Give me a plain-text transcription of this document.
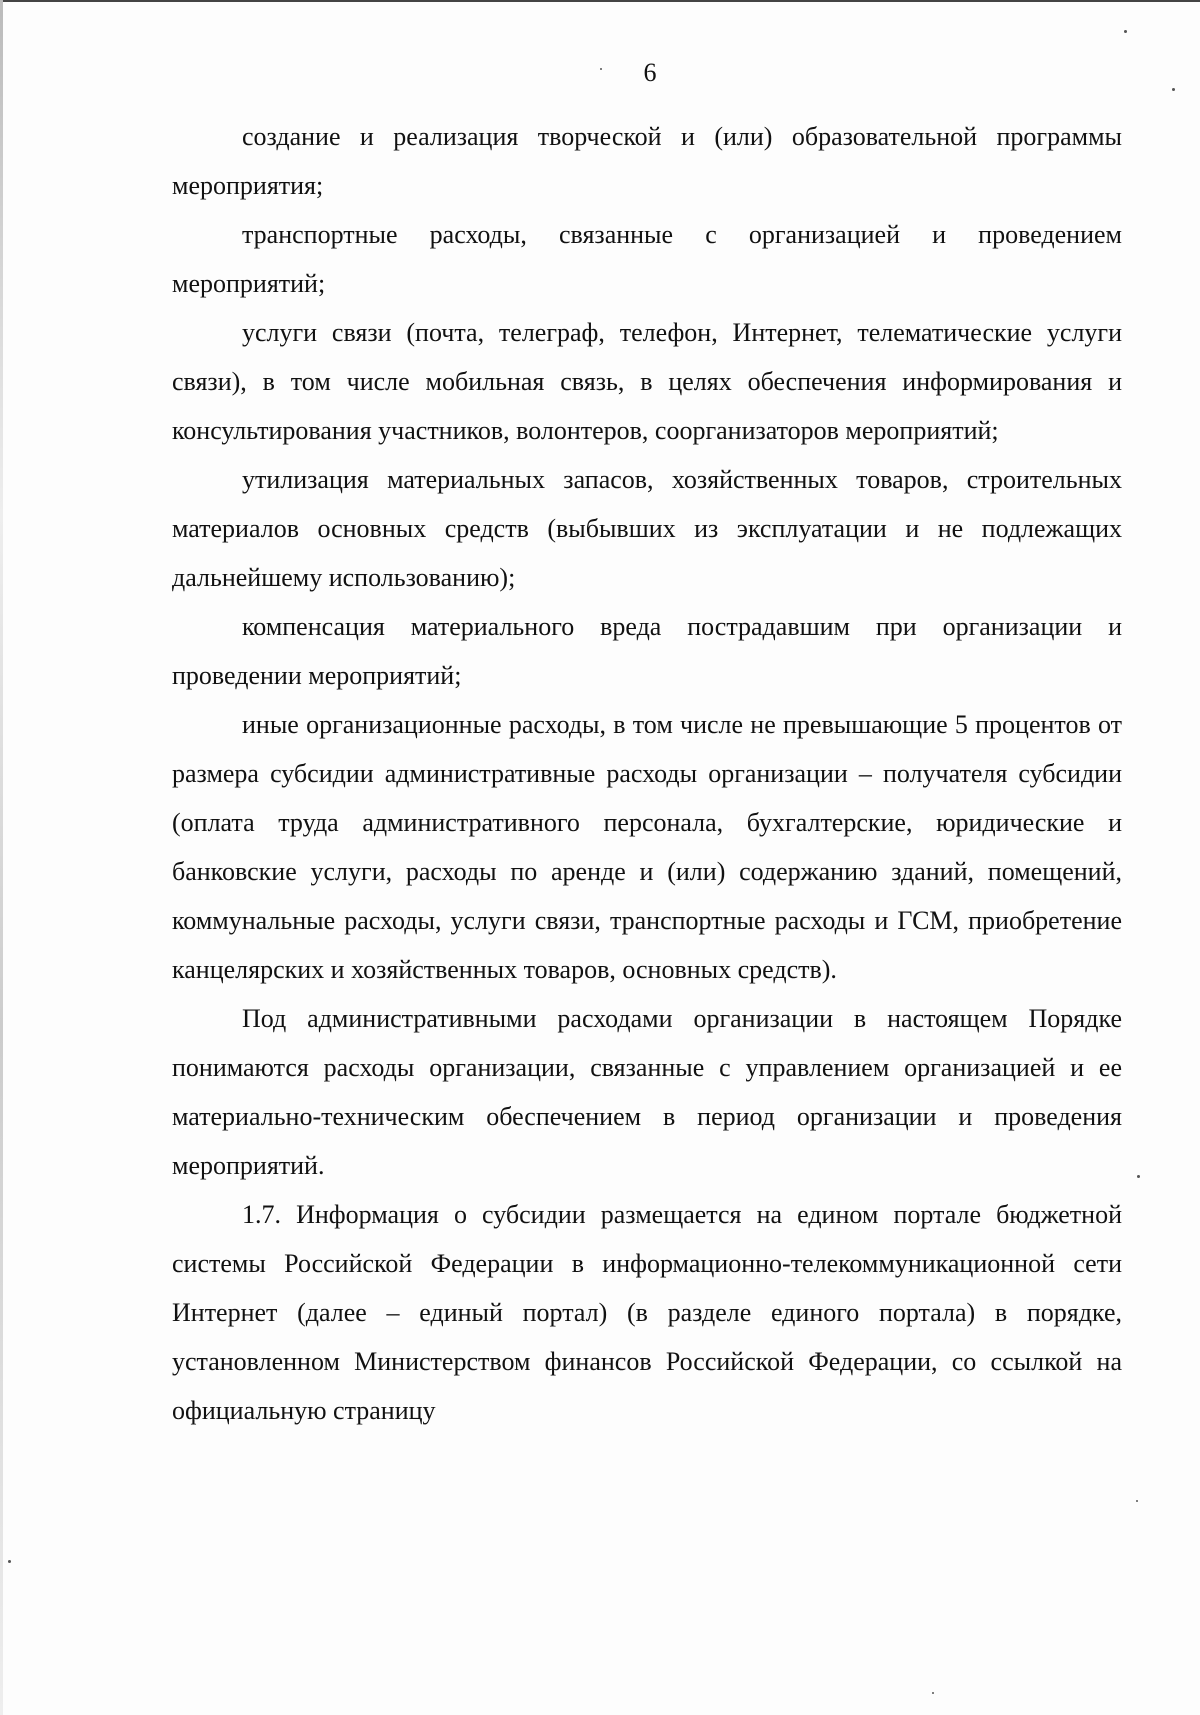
6

создание и реализация творческой и (или) образовательной программы мероприятия;

транспортные расходы, связанные с организацией и проведением мероприятий;

услуги связи (почта, телеграф, телефон, Интернет, телематические услуги связи), в том числе мобильная связь, в целях обеспечения информирования и консультирования участников, волонтеров, соорганизаторов мероприятий;

утилизация материальных запасов, хозяйственных товаров, строительных материалов основных средств (выбывших из эксплуатации и не подлежащих дальнейшему использованию);

компенсация материального вреда пострадавшим при организации и проведении мероприятий;

иные организационные расходы, в том числе не превышающие 5 процентов от размера субсидии административные расходы организации – получателя субсидии (оплата труда административного персонала, бухгалтерские, юридические и банковские услуги, расходы по аренде и (или) содержанию зданий, помещений, коммунальные расходы, услуги связи, транспортные расходы и ГСМ, приобретение канцелярских и хозяйственных товаров, основных средств).

Под административными расходами организации в настоящем Порядке понимаются расходы организации, связанные с управлением организацией и ее материально-техническим обеспечением в период организации и проведения мероприятий.

1.7. Информация о субсидии размещается на едином портале бюджетной системы Российской Федерации в информационно-телекоммуникационной сети Интернет (далее – единый портал) (в разделе единого портала) в порядке, установленном Министерством финансов Российской Федерации, со ссылкой на официальную страницу
